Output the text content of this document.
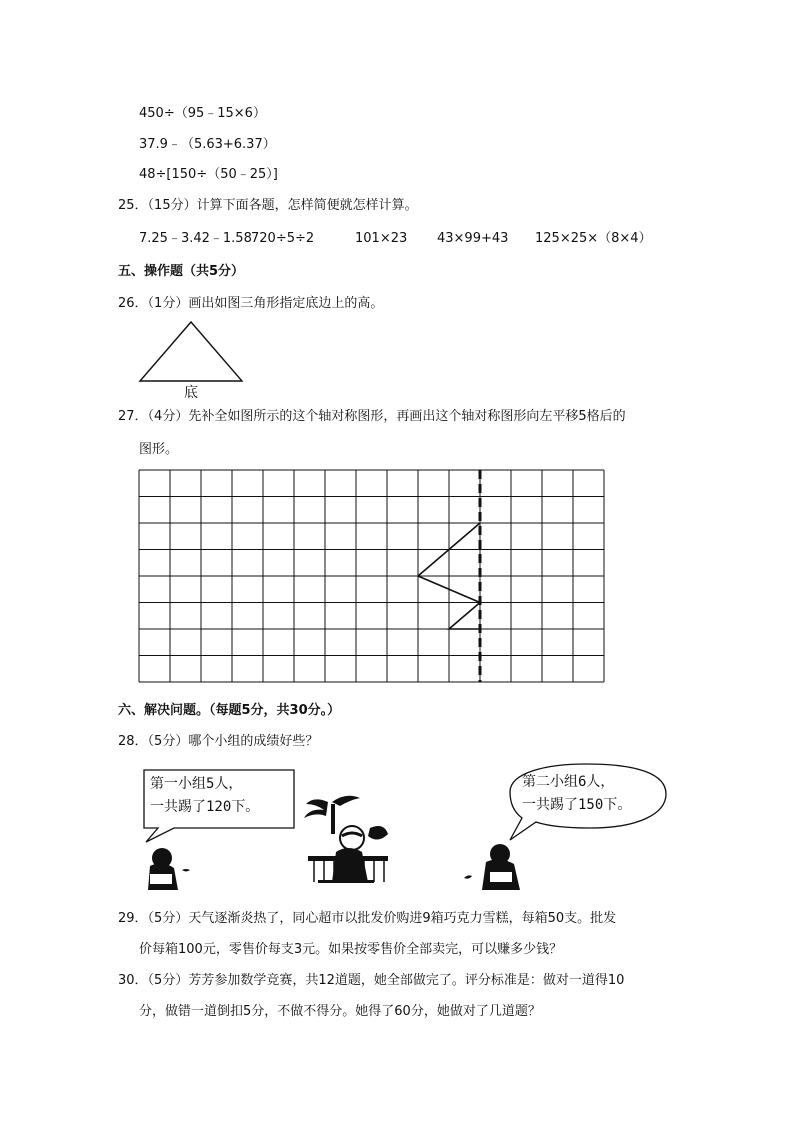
450÷（95﹣15×6）
37.9﹣（5.63+6.37）
48÷[150÷（50﹣25）]
25．（15分）计算下面各题，怎样简便就怎样计算。
7.25﹣3.42﹣1.58 720÷5÷2	101×23 43×99+43 125×25×（8×4）
五、操作题（共5分）
26．（1分）画出如图三角形指定底边上的高。
底
27．（4分）先补全如图所示的这个轴对称图形，再画出这个轴对称图形向左平移5格后的
图形。
六、解决问题。（每题5分，共30分。）
28．（5分）哪个小组的成绩好些？
第一小组5人，
一共踢了120下。
第二小组6人，
一共踢了150下。
29．（5分）天气逐渐炎热了，同心超市以批发价购进9箱巧克力雪糕，每箱50支。批发
价每箱100元，零售价每支3元。如果按零售价全部卖完，可以赚多少钱？
30．（5分）芳芳参加数学竞赛，共12道题，她全部做完了。评分标准是：做对一道得10
分，做错一道倒扣5分，不做不得分。她得了60分，她做对了几道题？
